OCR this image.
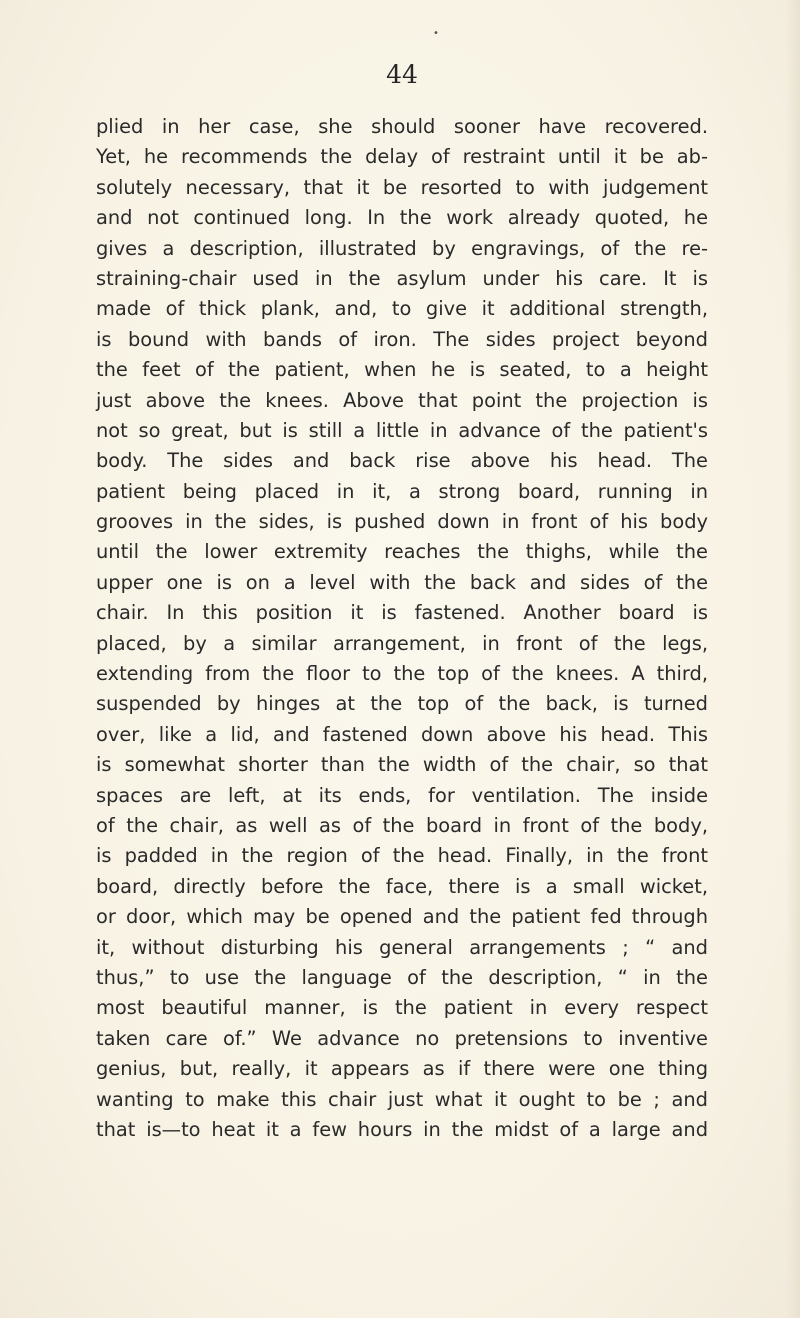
•
44
plied in her case, she should sooner have recovered.
Yet, he recommends the delay of restraint until it be ab-
solutely necessary, that it be resorted to with judgement
and not continued long. In the work already quoted, he
gives a description, illustrated by engravings, of the re-
straining-chair used in the asylum under his care. It is
made of thick plank, and, to give it additional strength,
is bound with bands of iron. The sides project beyond
the feet of the patient, when he is seated, to a height
just above the knees. Above that point the projection is
not so great, but is still a little in advance of the patient's
body. The sides and back rise above his head. The
patient being placed in it, a strong board, running in
grooves in the sides, is pushed down in front of his body
until the lower extremity reaches the thighs, while the
upper one is on a level with the back and sides of the
chair. In this position it is fastened. Another board is
placed, by a similar arrangement, in front of the legs,
extending from the floor to the top of the knees. A third,
suspended by hinges at the top of the back, is turned
over, like a lid, and fastened down above his head. This
is somewhat shorter than the width of the chair, so that
spaces are left, at its ends, for ventilation. The inside
of the chair, as well as of the board in front of the body,
is padded in the region of the head. Finally, in the front
board, directly before the face, there is a small wicket,
or door, which may be opened and the patient fed through
it, without disturbing his general arrangements ; “ and
thus,” to use the language of the description, “ in the
most beautiful manner, is the patient in every respect
taken care of.” We advance no pretensions to inventive
genius, but, really, it appears as if there were one thing
wanting to make this chair just what it ought to be ; and
that is—to heat it a few hours in the midst of a large and
